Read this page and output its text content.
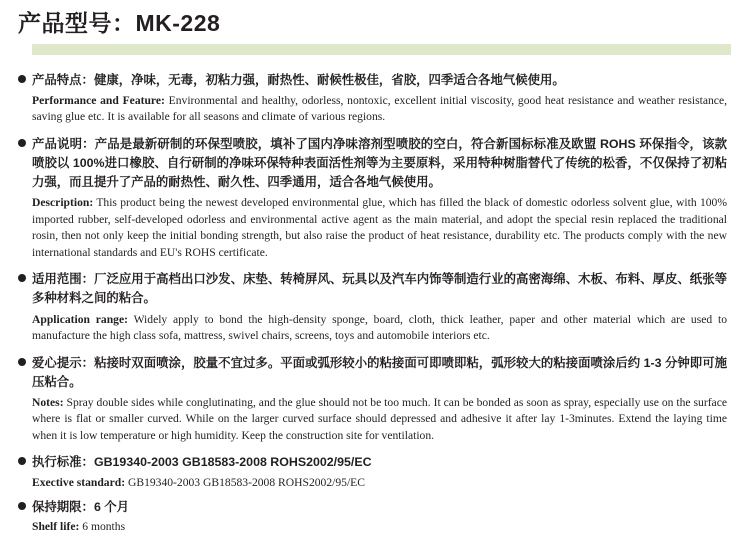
产品型号：MK-228
产品特点：健康，净味，无毒，初粘力强，耐热性、耐候性极佳，省胶，四季适合各地气候使用。
Performance and Feature: Environmental and healthy, odorless, nontoxic, excellent initial viscosity, good heat resistance and weather resistance, saving glue etc. It is available for all seasons and climate of various regions.
产品说明：产品是最新研制的环保型喷胶，填补了国内净味溶剂型喷胶的空白，符合新国标标准及欧盟 ROHS 环保指令，该款喷胶以 100%进口橡胶、自行研制的净味环保特种表面活性剂等为主要原料，采用特种树脂替代了传统的松香，不仅保持了初粘力强，而且提升了产品的耐热性、耐久性、四季通用，适合各地气候使用。
Description: This product being the newest developed environmental glue, which has filled the black of domestic odorless solvent glue, with 100% imported rubber, self-developed odorless and environmental active agent as the main material, and adopt the special resin replaced the traditional rosin, then not only keep the initial bonding strength, but also raise the product of heat resistance, durability etc. The products comply with the new international standards and EU's ROHS certificate.
适用范围：厂泛应用于高档出口沙发、床垫、转椅屏风、玩具以及汽车内饰等制造行业的高密海绵、木板、布料、厚皮、纸张等多种材料之间的粘合。
Application range: Widely apply to bond the high-density sponge, board, cloth, thick leather, paper and other material which are used to manufacture the high class sofa, mattress, swivel chairs, screens, toys and automobile interiors etc.
爱心提示：粘接时双面喷涂，胶量不宜过多。平面或弧形较小的粘接面可即喷即粘，弧形较大的粘接面喷涂后约 1-3 分钟即可施压粘合。
Notes: Spray double sides while conglutinating, and the glue should not be too much. It can be bonded as soon as spray, especially use on the surface where is flat or smaller curved. While on the larger curved surface should depressed and adhesive it after lay 1-3minutes. Extend the laying time when it is low temperature or high humidity. Keep the construction site for ventilation.
执行标准：GB19340-2003 GB18583-2008 ROHS2002/95/EC
Exective standard: GB19340-2003 GB18583-2008 ROHS2002/95/EC
保持期限：6 个月
Shelf life: 6 months
